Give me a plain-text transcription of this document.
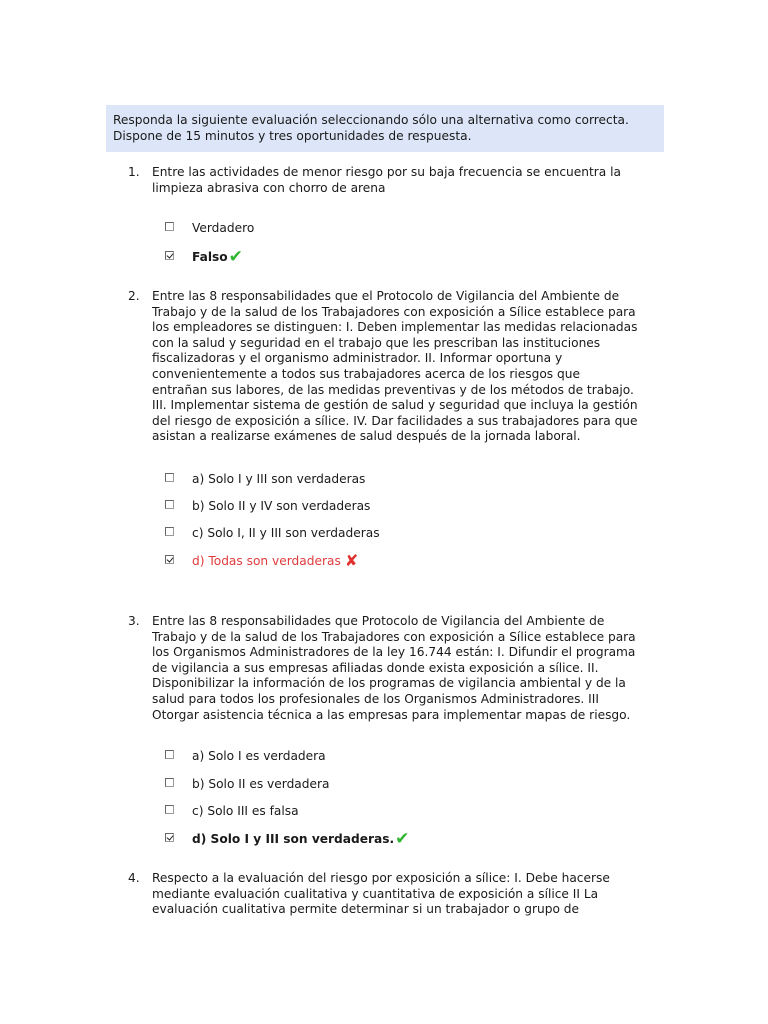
Responda la siguiente evaluación seleccionando sólo una alternativa como correcta.

Dispone de 15 minutos y tres oportunidades de respuesta.

1. Entre las actividades de menor riesgo por su baja frecuencia se encuentra la limpieza abrasiva con chorro de arena
Verdadero
Falso ✔
2. Entre las 8 responsabilidades que el Protocolo de Vigilancia del Ambiente de Trabajo y de la salud de los Trabajadores con exposición a Sílice establece para los empleadores se distinguen: I. Deben implementar las medidas relacionadas con la salud y seguridad en el trabajo que les prescriban las instituciones fiscalizadoras y el organismo administrador. II. Informar oportuna y convenientemente a todos sus trabajadores acerca de los riesgos que entrañan sus labores, de las medidas preventivas y de los métodos de trabajo. III. Implementar sistema de gestión de salud y seguridad que incluya la gestión del riesgo de exposición a sílice. IV. Dar facilidades a sus trabajadores para que asistan a realizarse exámenes de salud después de la jornada laboral.
a) Solo I y III son verdaderas
b) Solo II y IV son verdaderas
c) Solo I, II y III son verdaderas
d) Todas son verdaderas ✘
3. Entre las 8 responsabilidades que Protocolo de Vigilancia del Ambiente de Trabajo y de la salud de los Trabajadores con exposición a Sílice establece para los Organismos Administradores de la ley 16.744 están: I. Difundir el programa de vigilancia a sus empresas afiliadas donde exista exposición a sílice. II. Disponibilizar la información de los programas de vigilancia ambiental y de la salud para todos los profesionales de los Organismos Administradores. III Otorgar asistencia técnica a las empresas para implementar mapas de riesgo.
a) Solo I es verdadera
b) Solo II es verdadera
c) Solo III es falsa
d) Solo I y III son verdaderas. ✔
4. Respecto a la evaluación del riesgo por exposición a sílice: I. Debe hacerse mediante evaluación cualitativa y cuantitativa de exposición a sílice II La evaluación cualitativa permite determinar si un trabajador o grupo de
